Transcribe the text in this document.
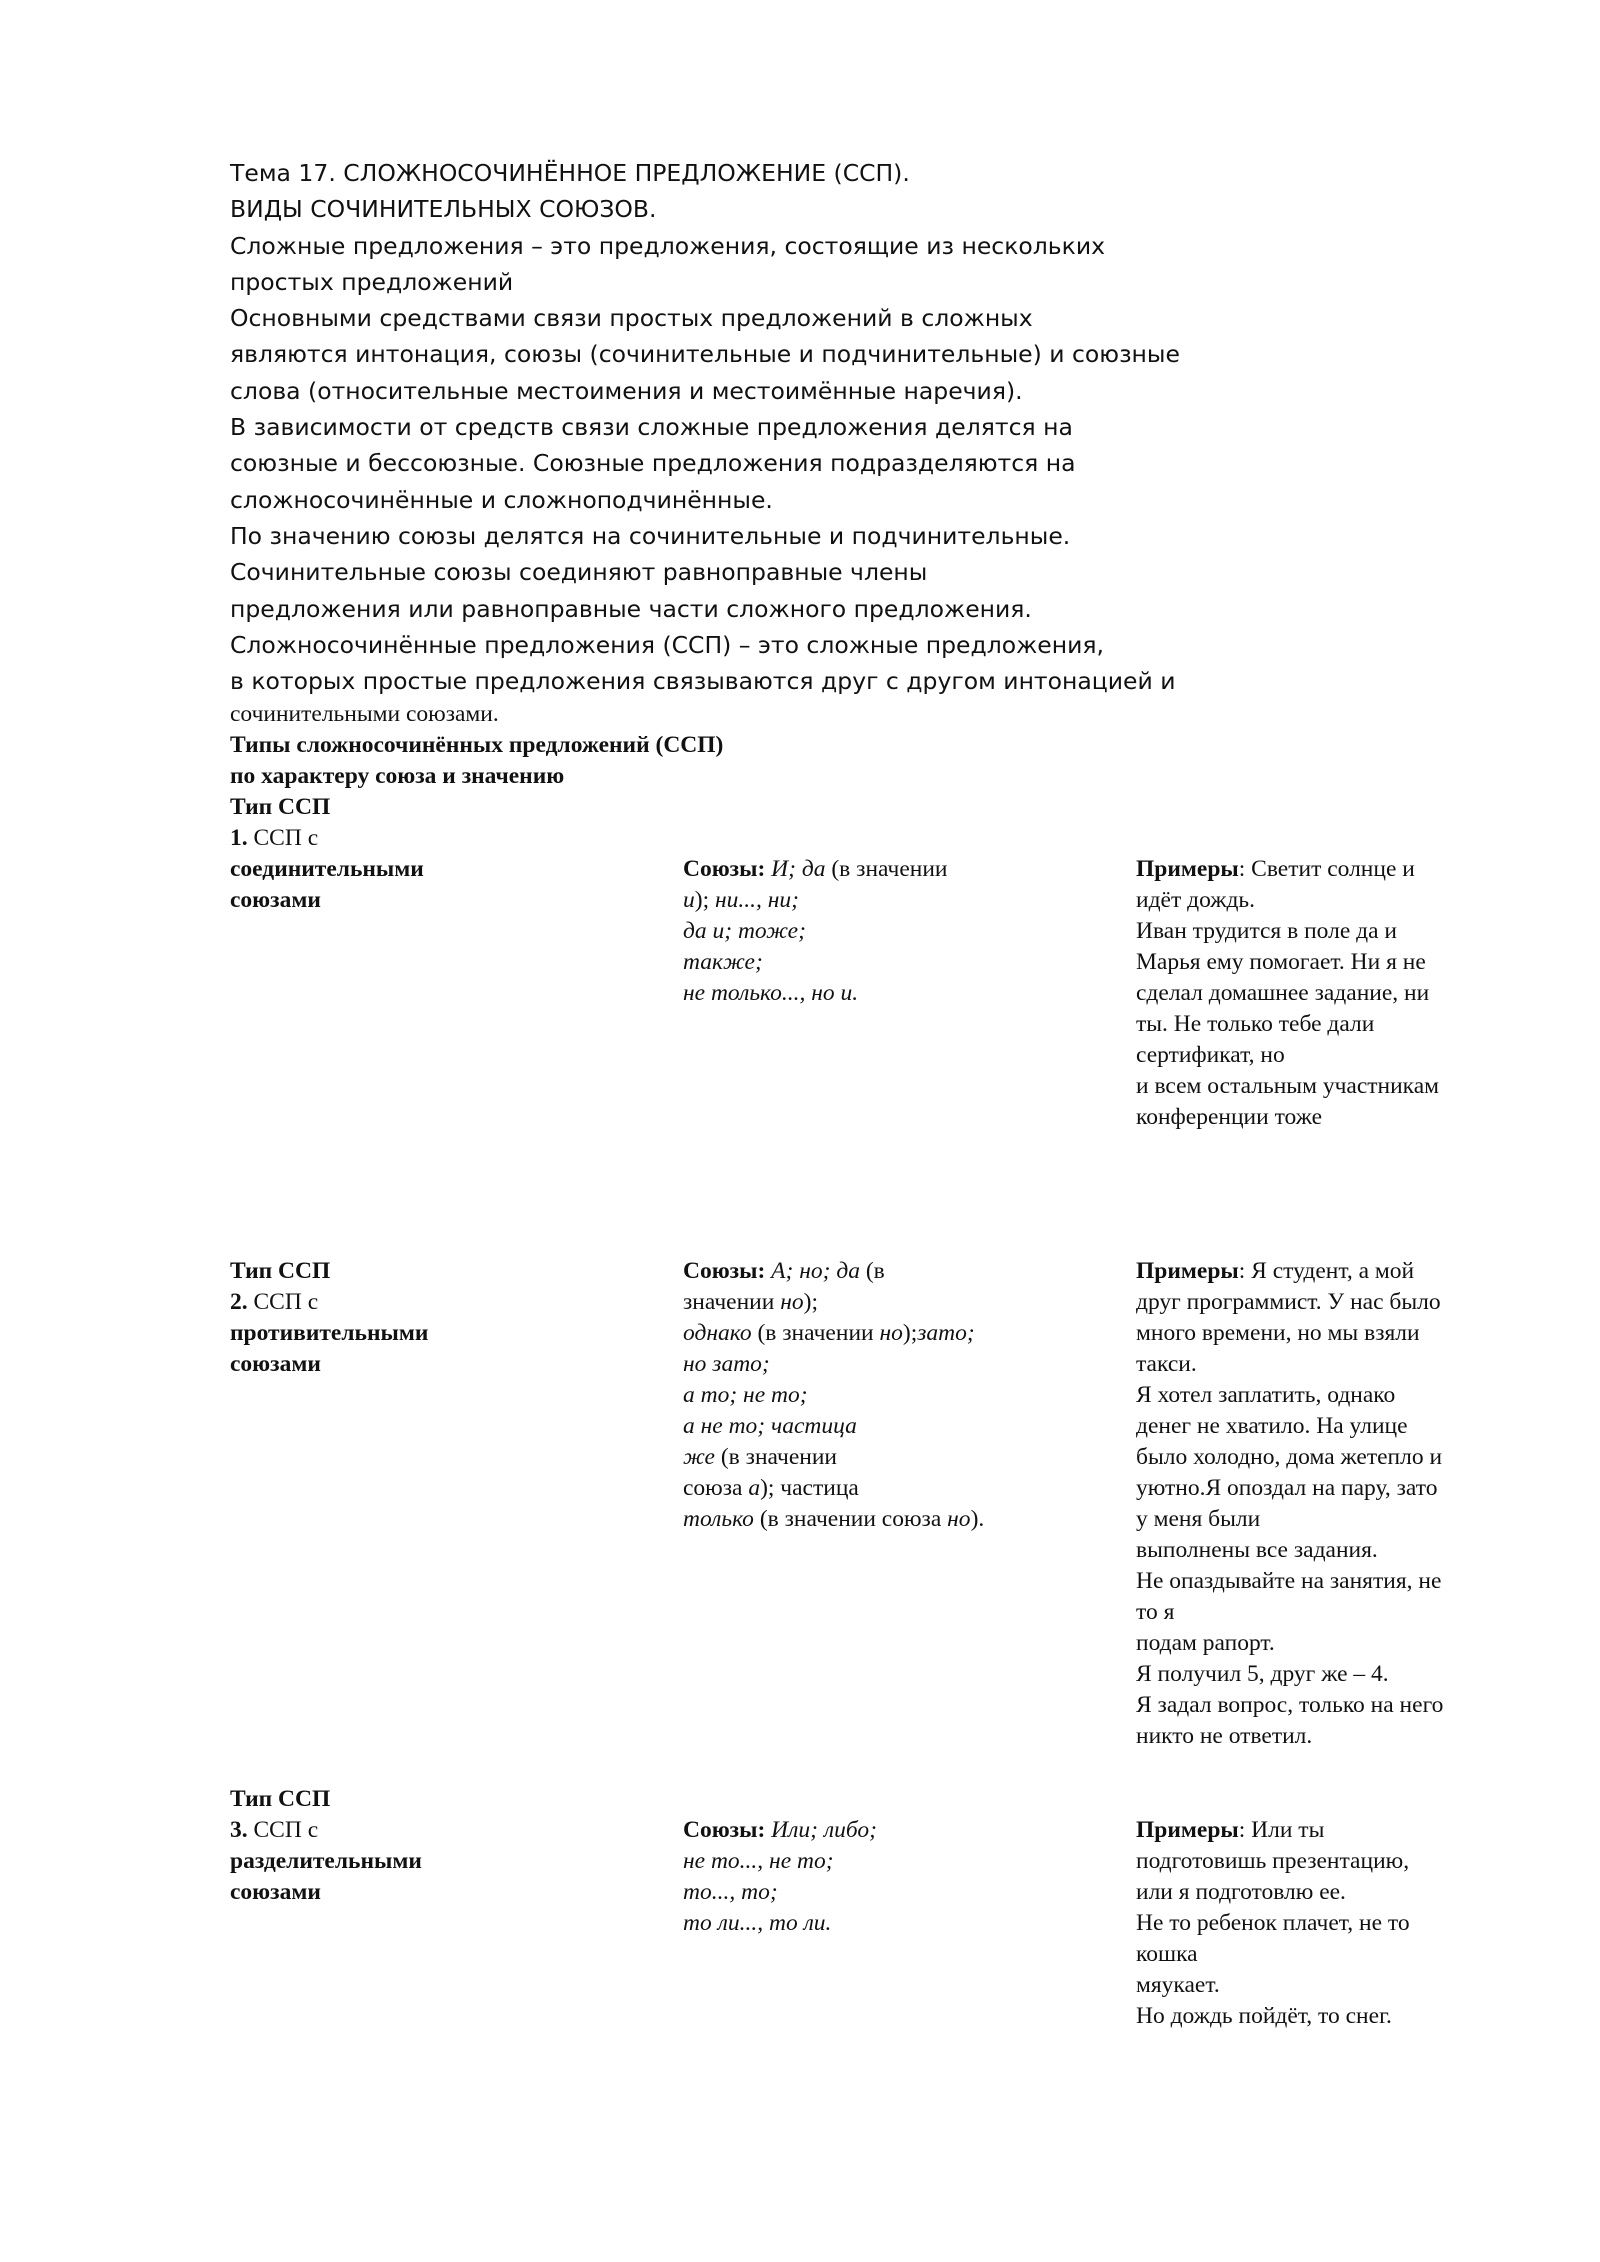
Тема 17. СЛОЖНОСОЧИНЁННОЕ ПРЕДЛОЖЕНИЕ (ССП).
ВИДЫ СОЧИНИТЕЛЬНЫХ СОЮЗОВ.
Сложные предложения – это предложения, состоящие из нескольких
простых предложений
Основными средствами связи простых предложений в сложных
являются интонация, союзы (сочинительные и подчинительные) и союзные
слова (относительные местоимения и местоимённые наречия).
В зависимости от средств связи сложные предложения делятся на
союзные и бессоюзные. Союзные предложения подразделяются на
сложносочинённые и сложноподчинённые.
По значению союзы делятся на сочинительные и подчинительные.
Сочинительные союзы соединяют равноправные члены
предложения или равноправные части сложного предложения.
Сложносочинённые предложения (ССП) – это сложные предложения,
в которых простые предложения связываются друг с другом интонацией и
сочинительными союзами.
Типы сложносочинённых предложений (ССП)
по характеру союза и значению
Тип ССП
1. ССП с
соединительными
союзами
Союзы: И; да (в значении
и); ни..., ни;
да и; тоже;
также;
не только..., но и.
Примеры: Светит солнце и
идёт дождь.
Иван трудится в поле да и
Марья ему помогает. Ни я не
сделал домашнее задание, ни
ты. Не только тебе дали
сертификат, но
и всем остальным участникам
конференции тоже
Тип ССП
2. ССП с
противительными
союзами
Союзы: А; но; да (в
значении но);
однако (в значении но);зато;
но зато;
а то; не то;
а не то; частица
же (в значении
союза а); частица
только (в значении союза но).
Примеры: Я студент, а мой
друг программист. У нас было
много времени, но мы взяли
такси.
Я хотел заплатить, однако
денег не хватило. На улице
было холодно, дома жетепло и
уютно.Я опоздал на пару, зато
у меня были
выполнены все задания.
Не опаздывайте на занятия, не
то я
подам рапорт.
Я получил 5, друг же – 4.
Я задал вопрос, только на него
никто не ответил.
Тип ССП
3. ССП с
разделительными
союзами
Союзы: Или; либо;
не то..., не то;
то..., то;
то ли..., то ли.
Примеры: Или ты
подготовишь презентацию,
или я подготовлю ее.
Не то ребенок плачет, не то
кошка
мяукает.
Но дождь пойдёт, то снег.
